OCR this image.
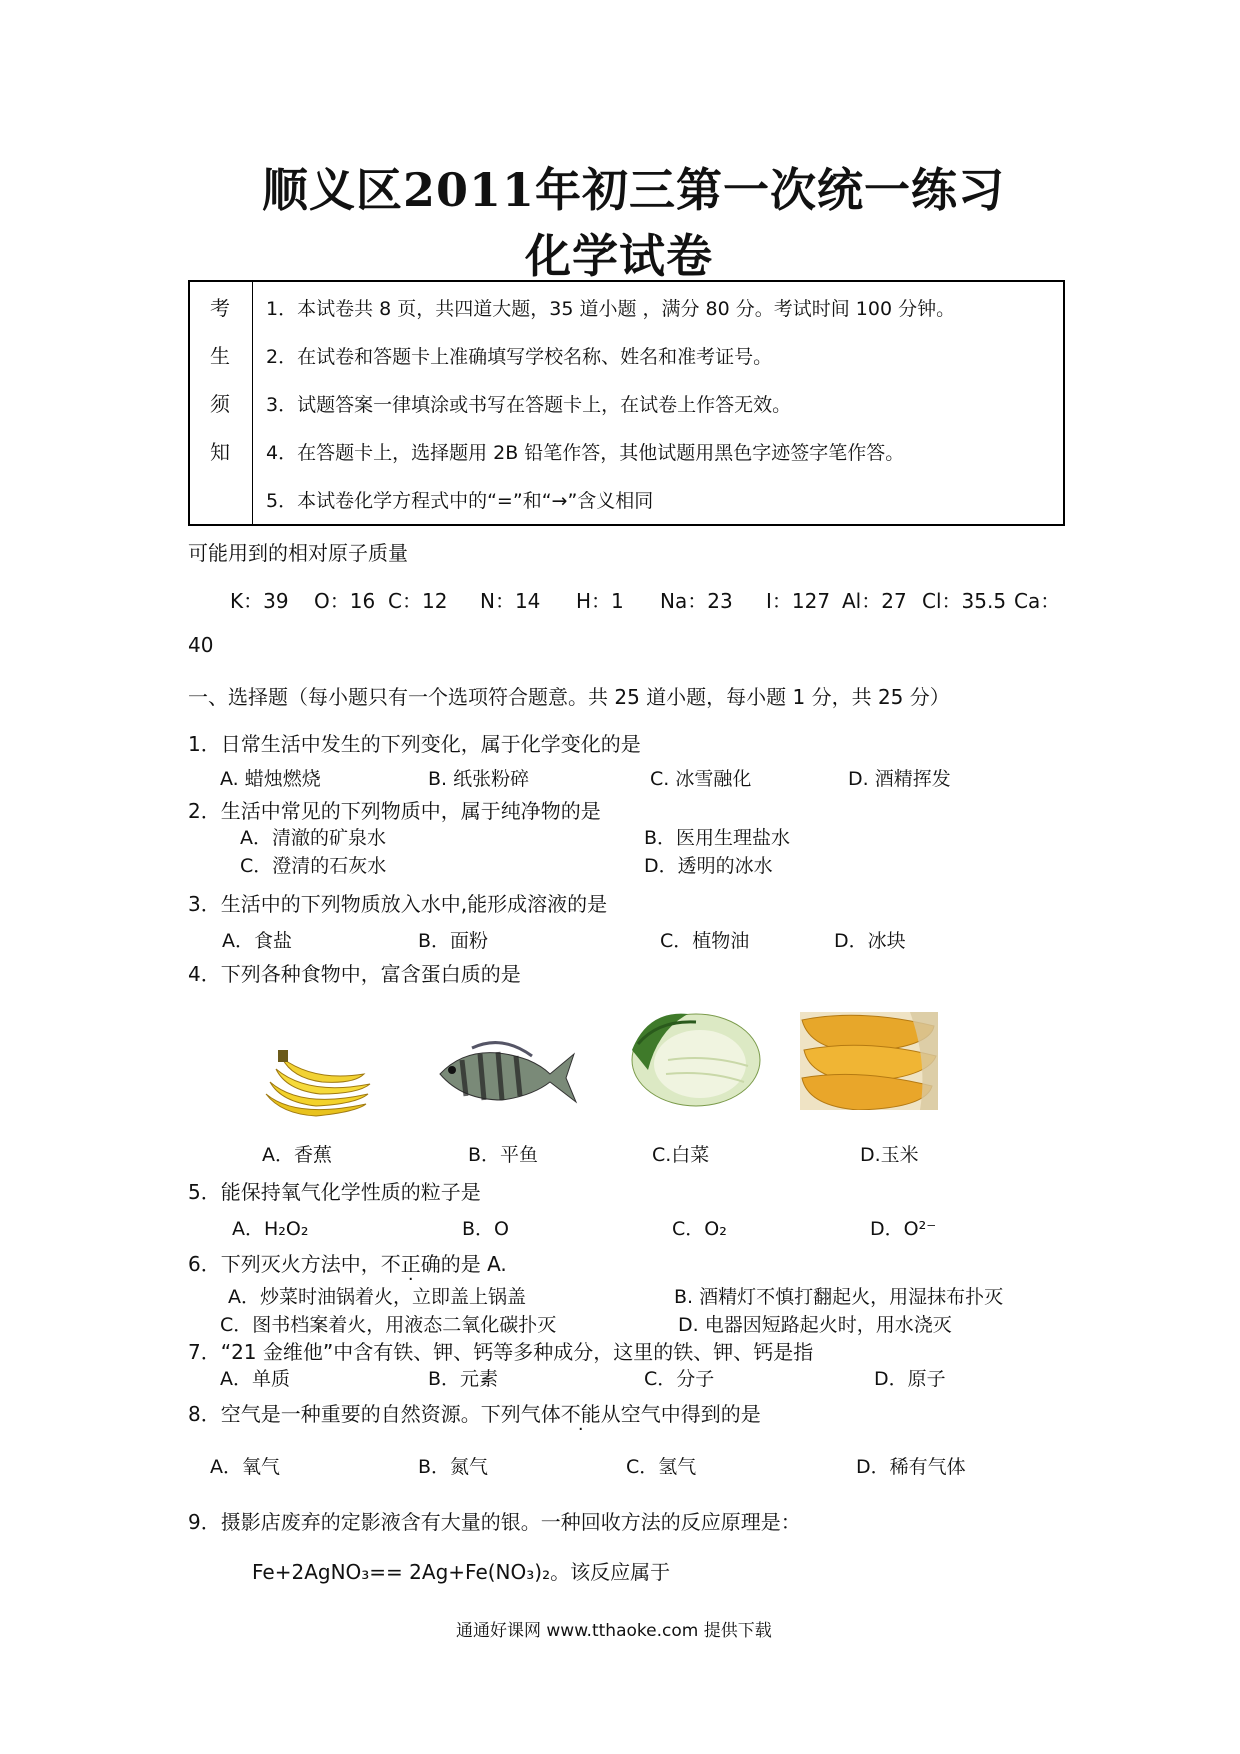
顺义区2011年初三第一次统一练习
化学试卷
考
生
须
知
1．本试卷共 8 页，共四道大题，35 道小题 ，满分 80 分。考试时间 100 分钟。
2．在试卷和答题卡上准确填写学校名称、姓名和准考证号。
3．试题答案一律填涂或书写在答题卡上，在试卷上作答无效。
4．在答题卡上，选择题用 2B 铅笔作答，其他试题用黑色字迹签字笔作答。
5．本试卷化学方程式中的“=”和“→”含义相同
可能用到的相对原子质量
K：39 O：16 C：12 N：14 H：1 Na：23 I：127 Al：27 Cl：35.5 Ca：
40
一、选择题（每小题只有一个选项符合题意。共 25 道小题，每小题 1 分，共 25 分）
1．日常生活中发生的下列变化，属于化学变化的是
A. 蜡烛燃烧	B. 纸张粉碎	C. 冰雪融化	D. 酒精挥发
2．生活中常见的下列物质中，属于纯净物的是
A．清澈的矿泉水	B．医用生理盐水
C．澄清的石灰水	D．透明的冰水
3．生活中的下列物质放入水中,能形成溶液的是
A．食盐	B．面粉	C．植物油	D．冰块
4．下列各种食物中，富含蛋白质的是
A．香蕉	B．平鱼	C.白菜	D.玉米
5．能保持氧气化学性质的粒子是
A．H₂O₂	B．O	C．O₂	D．O²⁻
6．下列灭火方法中，不正确的是 A.
A．炒菜时油锅着火，立即盖上锅盖	B. 酒精灯不慎打翻起火，用湿抹布扑灭
C．图书档案着火，用液态二氧化碳扑灭	D. 电器因短路起火时，用水浇灭
7．“21 金维他”中含有铁、钾、钙等多种成分，这里的铁、钾、钙是指
A．单质	B．元素	C．分子	D．原子
8．空气是一种重要的自然资源。下列气体不能从空气中得到的是
A．氧气	B．氮气	C．氢气	D．稀有气体
9．摄影店废弃的定影液含有大量的银。一种回收方法的反应原理是：
Fe+2AgNO₃== 2Ag+Fe(NO₃)₂。该反应属于
通通好课网 www.tthaoke.com 提供下载
